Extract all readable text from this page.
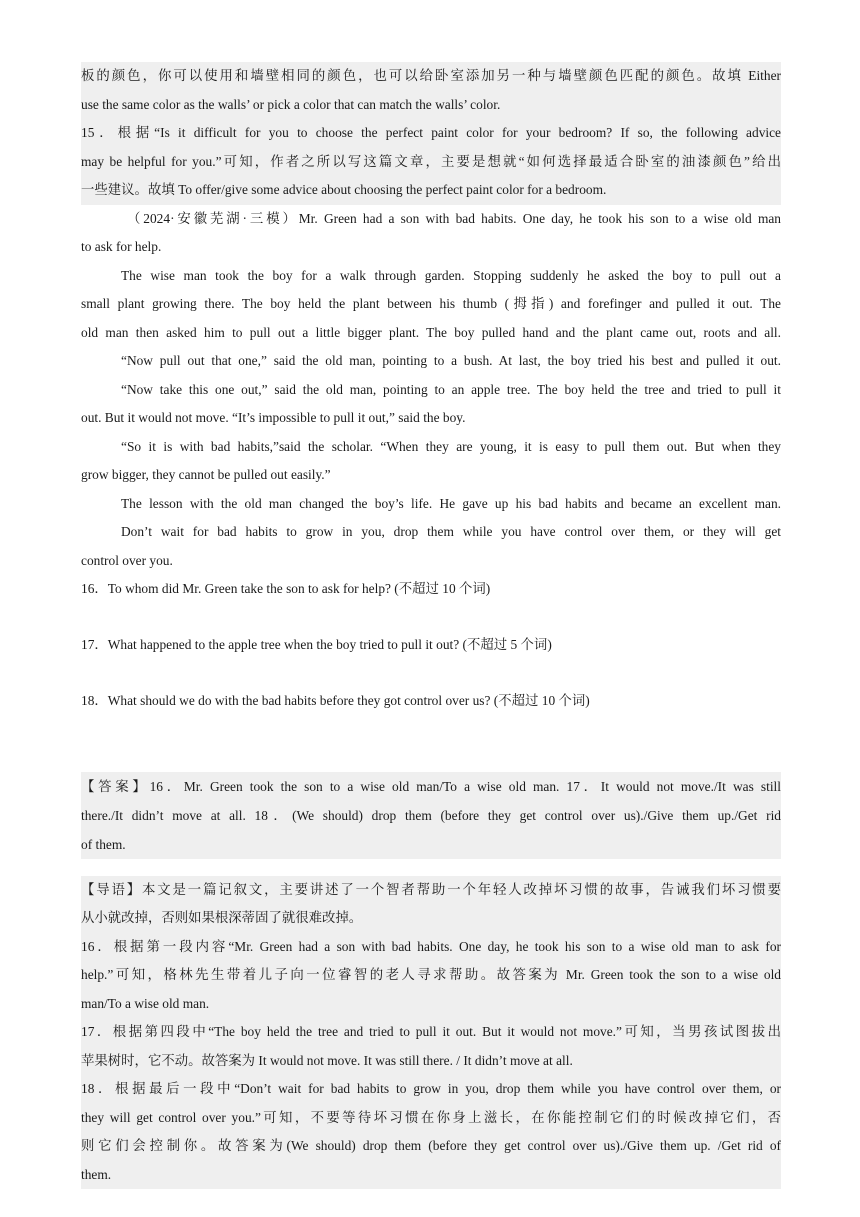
板的颜色，你可以使用和墙壁相同的颜色，也可以给卧室添加另一种与墙壁颜色匹配的颜色。故填 Either

use the same color as the walls’ or pick a color that can match the walls’ color.

15．根据“Is it difficult for you to choose the perfect paint color for your bedroom? If so, the following advice

may be helpful for you.”可知，作者之所以写这篇文章，主要是想就“如何选择最适合卧室的油漆颜色”给出

一些建议。故填 To offer/give some advice about choosing the perfect paint color for a bedroom.

（2024·安徽芜湖·三模）Mr. Green had a son with bad habits. One day, he took his son to a wise old man

to ask for help.

The wise man took the boy for a walk through garden. Stopping suddenly he asked the boy to pull out a

small plant growing there. The boy held the plant between his thumb (拇指) and forefinger and pulled it out. The

old man then asked him to pull out a little bigger plant. The boy pulled hand and the plant came out, roots and all.

“Now pull out that one,” said the old man, pointing to a bush. At last, the boy tried his best and pulled it out.

“Now take this one out,” said the old man, pointing to an apple tree. The boy held the tree and tried to pull it

out. But it would not move. “It’s impossible to pull it out,” said the boy.

“So it is with bad habits,”said the scholar. “When they are young, it is easy to pull them out. But when they

grow bigger, they cannot be pulled out easily.”

The lesson with the old man changed the boy’s life. He gave up his bad habits and became an excellent man.

Don’t wait for bad habits to grow in you, drop them while you have control over them, or they will get

control over you.

16．To whom did Mr. Green take the son to ask for help? (不超过 10 个词)

17．What happened to the apple tree when the boy tried to pull it out? (不超过 5 个词)

18．What should we do with the bad habits before they got control over us? (不超过 10 个词)

【答案】16．Mr. Green took the son to a wise old man/To a wise old man. 17．It would not move./It was still

there./It didn’t move at all. 18．(We should) drop them (before they get control over us)./Give them up./Get rid

of them.

【导语】本文是一篇记叙文，主要讲述了一个智者帮助一个年轻人改掉坏习惯的故事，告诫我们坏习惯要

从小就改掉，否则如果根深蒂固了就很难改掉。

16．根据第一段内容“Mr. Green had a son with bad habits. One day, he took his son to a wise old man to ask for

help.”可知，格林先生带着儿子向一位睿智的老人寻求帮助。故答案为 Mr. Green took the son to a wise old

man/To a wise old man.

17．根据第四段中“The boy held the tree and tried to pull it out. But it would not move.”可知，当男孩试图拔出

苹果树时，它不动。故答案为 It would not move. It was still there. / It didn’t move at all.

18．根据最后一段中“Don’t wait for bad habits to grow in you, drop them while you have control over them, or

they will get control over you.”可知，不要等待坏习惯在你身上滋长，在你能控制它们的时候改掉它们，否

则它们会控制你。故答案为(We should) drop them (before they get control over us)./Give them up. /Get rid of

them.
